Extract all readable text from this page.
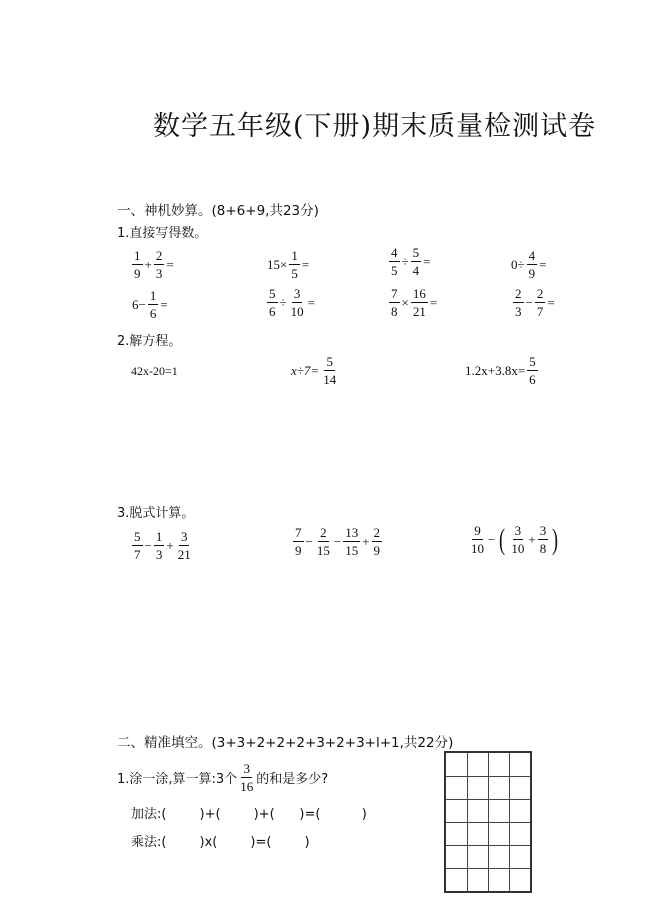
数学五年级(下册)期末质量检测试卷
一、神机妙算。(8+6+9,共23分)
1.直接写得数。
$\frac{1}{9} + \frac{2}{3}$ =	$15\times \frac{1}{5}$ =	$\frac{4}{5} \div \frac{5}{4}$ =	$0\div \frac{4}{9}$ =
$6- \frac{1}{6}$ =	$\frac{5}{6} \div \frac{3}{10}$ =	$\frac{7}{8} \times \frac{16}{21}$ =	$\frac{2}{3} - \frac{2}{7}$ =
2.解方程。
42x-20=1	$x\div 7= \frac{5}{14}$	$1.2x+3.8x= \frac{5}{6}$
3.脱式计算。
$\frac{5}{7} - \frac{1}{3} + \frac{3}{21}$	$\frac{7}{9} - \frac{2}{15} - \frac{13}{15} + \frac{2}{9}$	$\frac{9}{10}$ − ( $\frac{3}{10} + \frac{3}{8}$ )
二、精准填空。(3+3+2+2+2+3+2+3+l+1,共22分)
1.涂一涂,算一算:3个 $\frac{3}{16}$ 的和是多少?
加法:(        )+(        )+(      )=(          )
乘法:(        )x(        )=(        )
